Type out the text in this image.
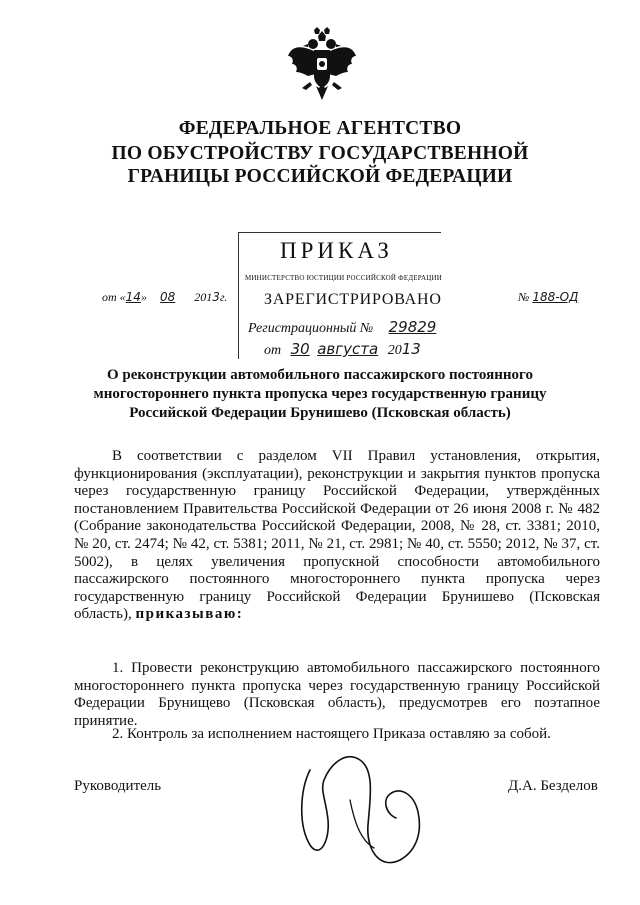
ФЕДЕРАЛЬНОЕ АГЕНТСТВО
ПО ОБУСТРОЙСТВУ ГОСУДАРСТВЕННОЙ
ГРАНИЦЫ РОССИЙСКОЙ ФЕДЕРАЦИИ
ПРИКАЗ
МИНИСТЕРСТВО ЮСТИЦИИ РОССИЙСКОЙ ФЕДЕРАЦИИ
ЗАРЕГИСТРИРОВАНО
Регистрационный № 29829
от 30 августа 2013
от «14» 08 2013г.	№ 188-ОД
О реконструкции автомобильного пассажирского постоянного многостороннего пункта пропуска через государственную границу Российской Федерации Брунишево (Псковская область)
В соответствии с разделом VII Правил установления, открытия, функционирования (эксплуатации), реконструкции и закрытия пунктов пропуска через государственную границу Российской Федерации, утверждённых постановлением Правительства Российской Федерации от 26 июня 2008 г. № 482 (Собрание законодательства Российской Федерации, 2008, № 28, ст. 3381; 2010, № 20, ст. 2474; № 42, ст. 5381; 2011, № 21, ст. 2981; № 40, ст. 5550; 2012, № 37, ст. 5002), в целях увеличения пропускной способности автомобильного пассажирского постоянного многостороннего пункта пропуска через государственную границу Российской Федерации Брунишево (Псковская область), приказываю:
1. Провести реконструкцию автомобильного пассажирского постоянного многостороннего пункта пропуска через государственную границу Российской Федерации Брунищево (Псковская область), предусмотрев его поэтапное принятие.
2. Контроль за исполнением настоящего Приказа оставляю за собой.
Руководитель	Д.А. Безделов
